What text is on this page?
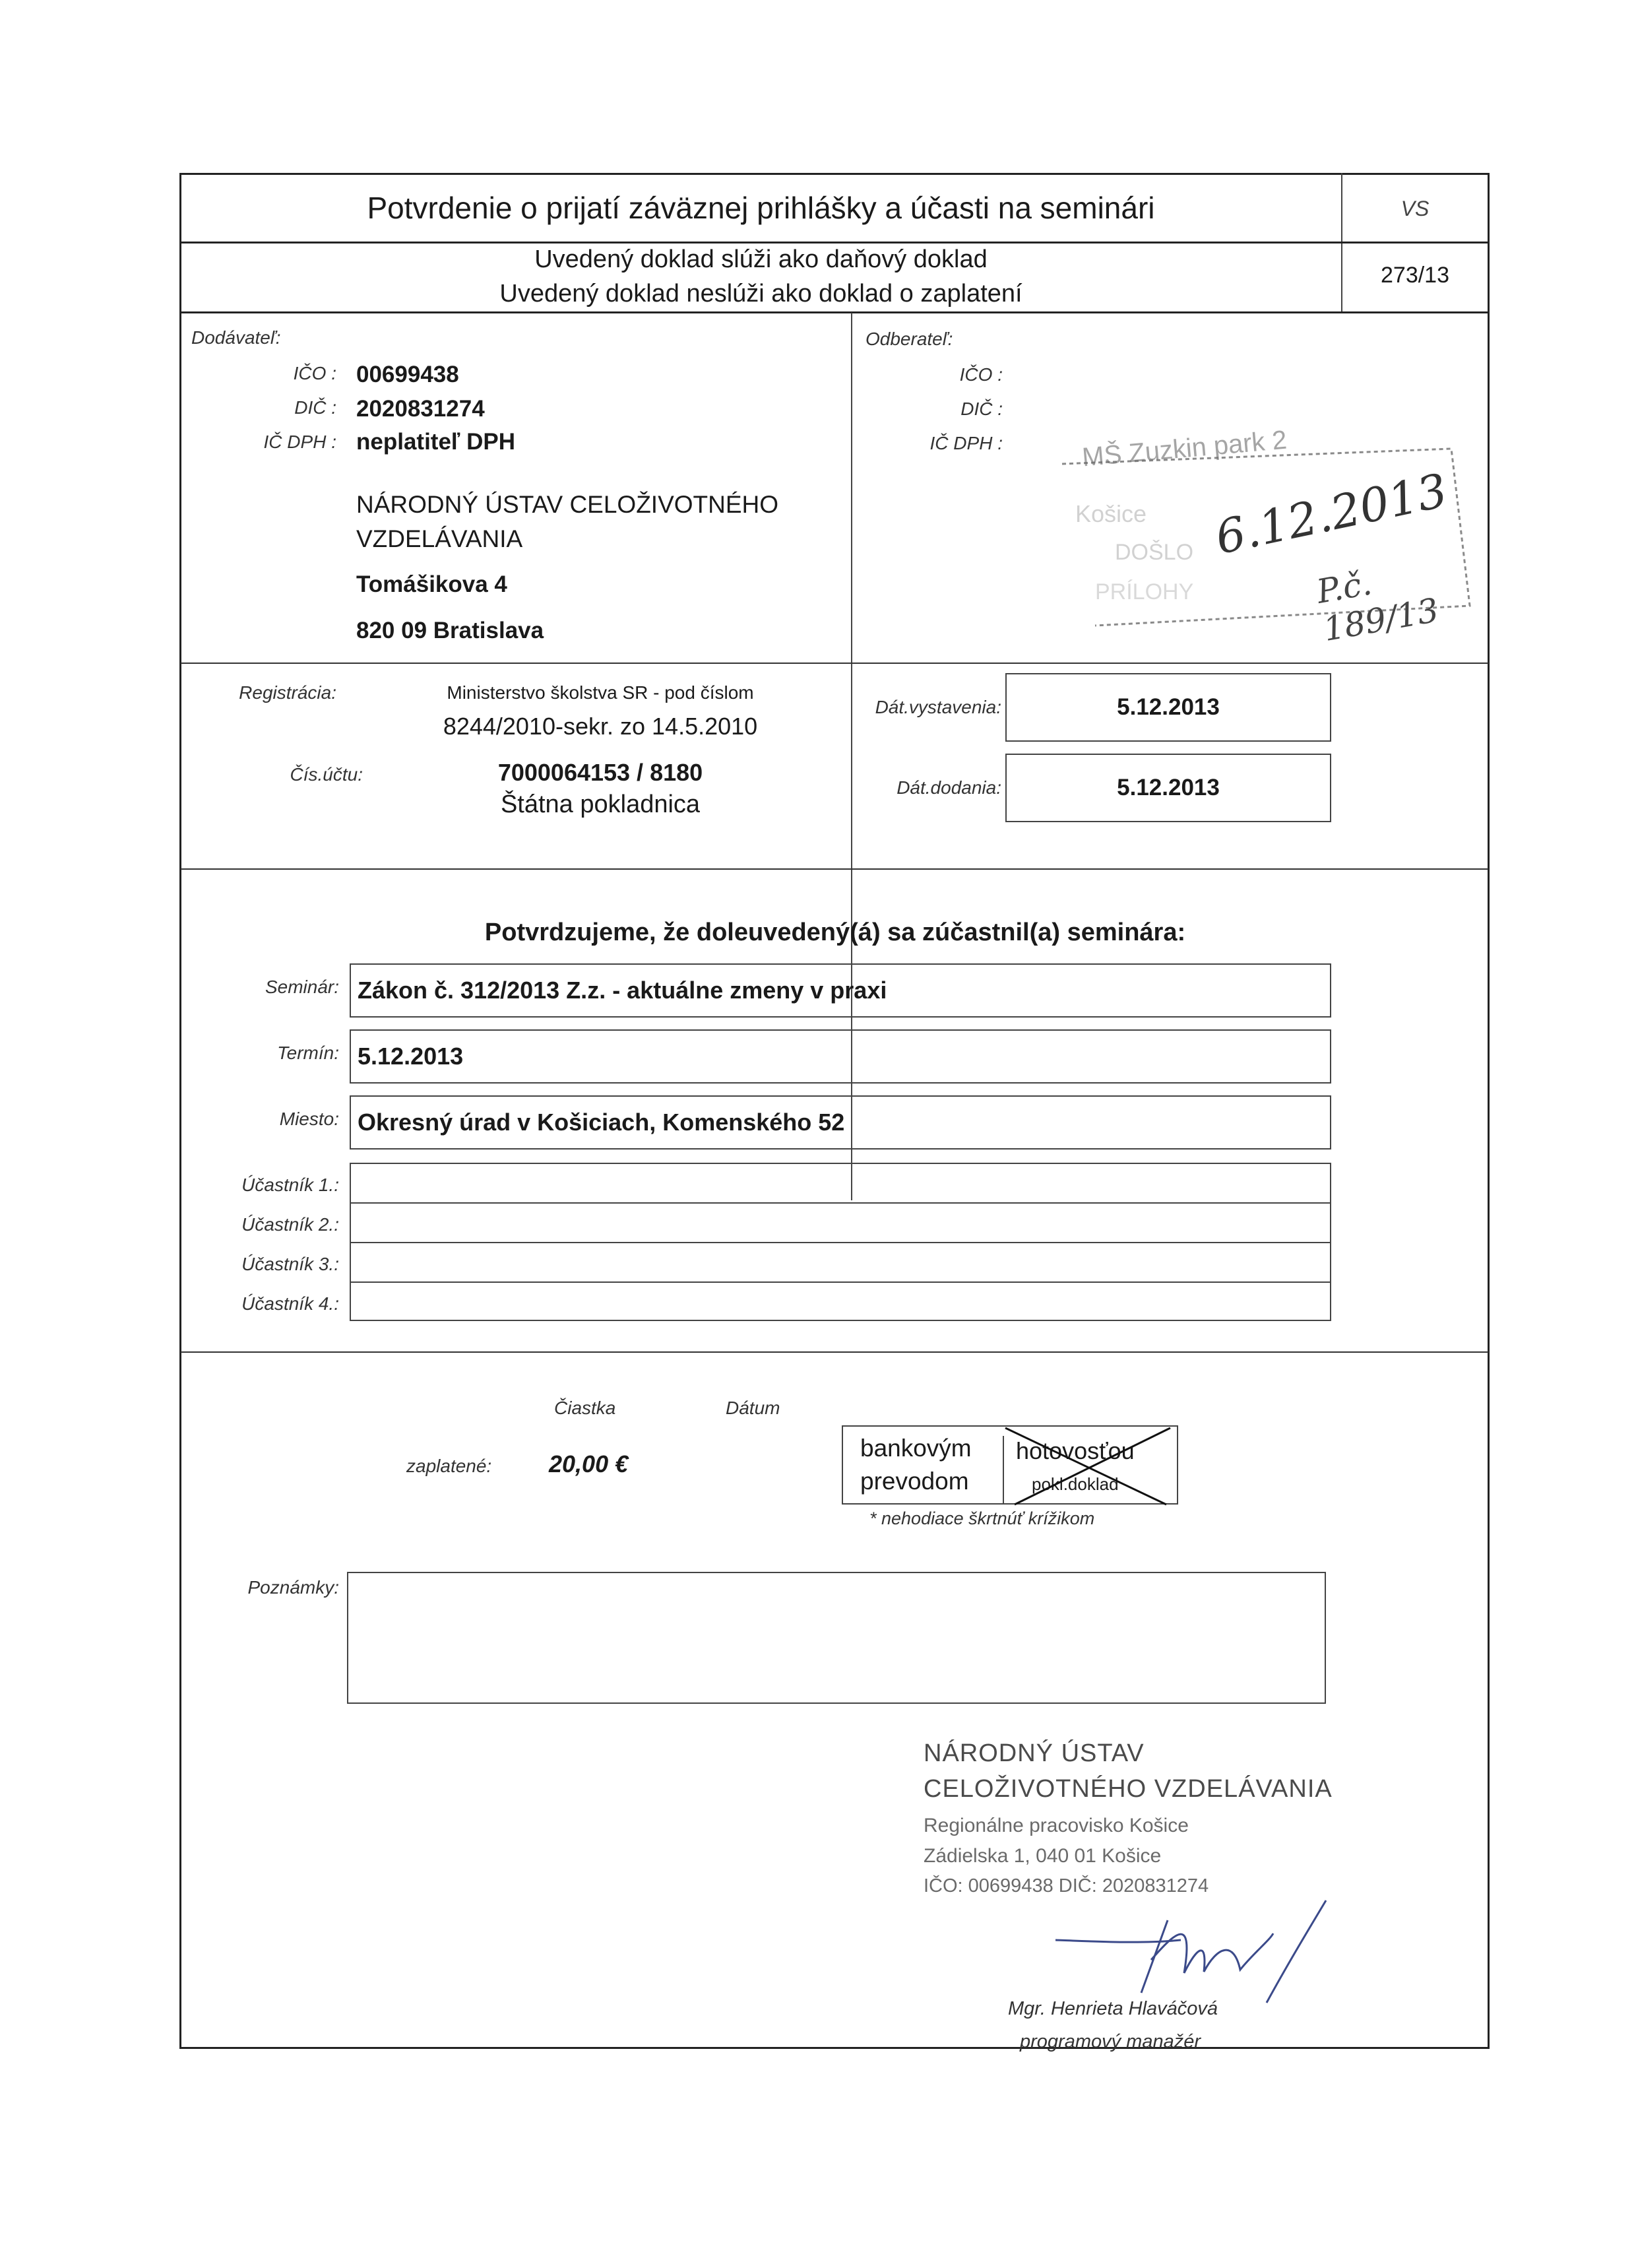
Potvrdenie o prijatí záväznej prihlášky a účasti na seminári	VS
Uvedený doklad slúži ako daňový doklad
Uvedený doklad neslúži ako doklad o zaplatení
273/13
Dodávateľ:
IČO : 00699438
DIČ : 2020831274
IČ DPH : neplatiteľ DPH
NÁRODNÝ ÚSTAV CELOŽIVOTNÉHO
VZDELÁVANIA
Tomášikova 4
820 09 Bratislava
Odberateľ:
IČO :
DIČ :
IČ DPH :	MŠ Zuzkin park 2
Košice
DOŠLO
PRÍLOHY
6.12.2013
P.č. 189/13
Registrácia:	Ministerstvo školstva SR - pod číslom
8244/2010-sekr. zo 14.5.2010
Čís.účtu:	7000064153 / 8180
Štátna pokladnica
Dát.vystavenia:	5.12.2013
Dát.dodania:	5.12.2013
Potvrdzujeme, že doleuvedený(á) sa zúčastnil(a) seminára:
Seminár: Zákon č. 312/2013 Z.z. - aktuálne zmeny v praxi
Termín: 5.12.2013
Miesto: Okresný úrad v Košiciach, Komenského 52
Účastník 1.:
Účastník 2.:
Účastník 3.:
Účastník 4.:
Čiastka	Dátum
zaplatené: 20,00 €
bankovým
prevodom
hotovosťou
pokl.doklad
* nehodiace škrtnúť krížikom
Poznámky:
NÁRODNÝ ÚSTAV
CELOŽIVOTNÉHO VZDELÁVANIA
Regionálne pracovisko Košice
Zádielska 1, 040 01 Košice
IČO: 00699438 DIČ: 2020831274
Mgr. Henrieta Hlaváčová
programový manažér
